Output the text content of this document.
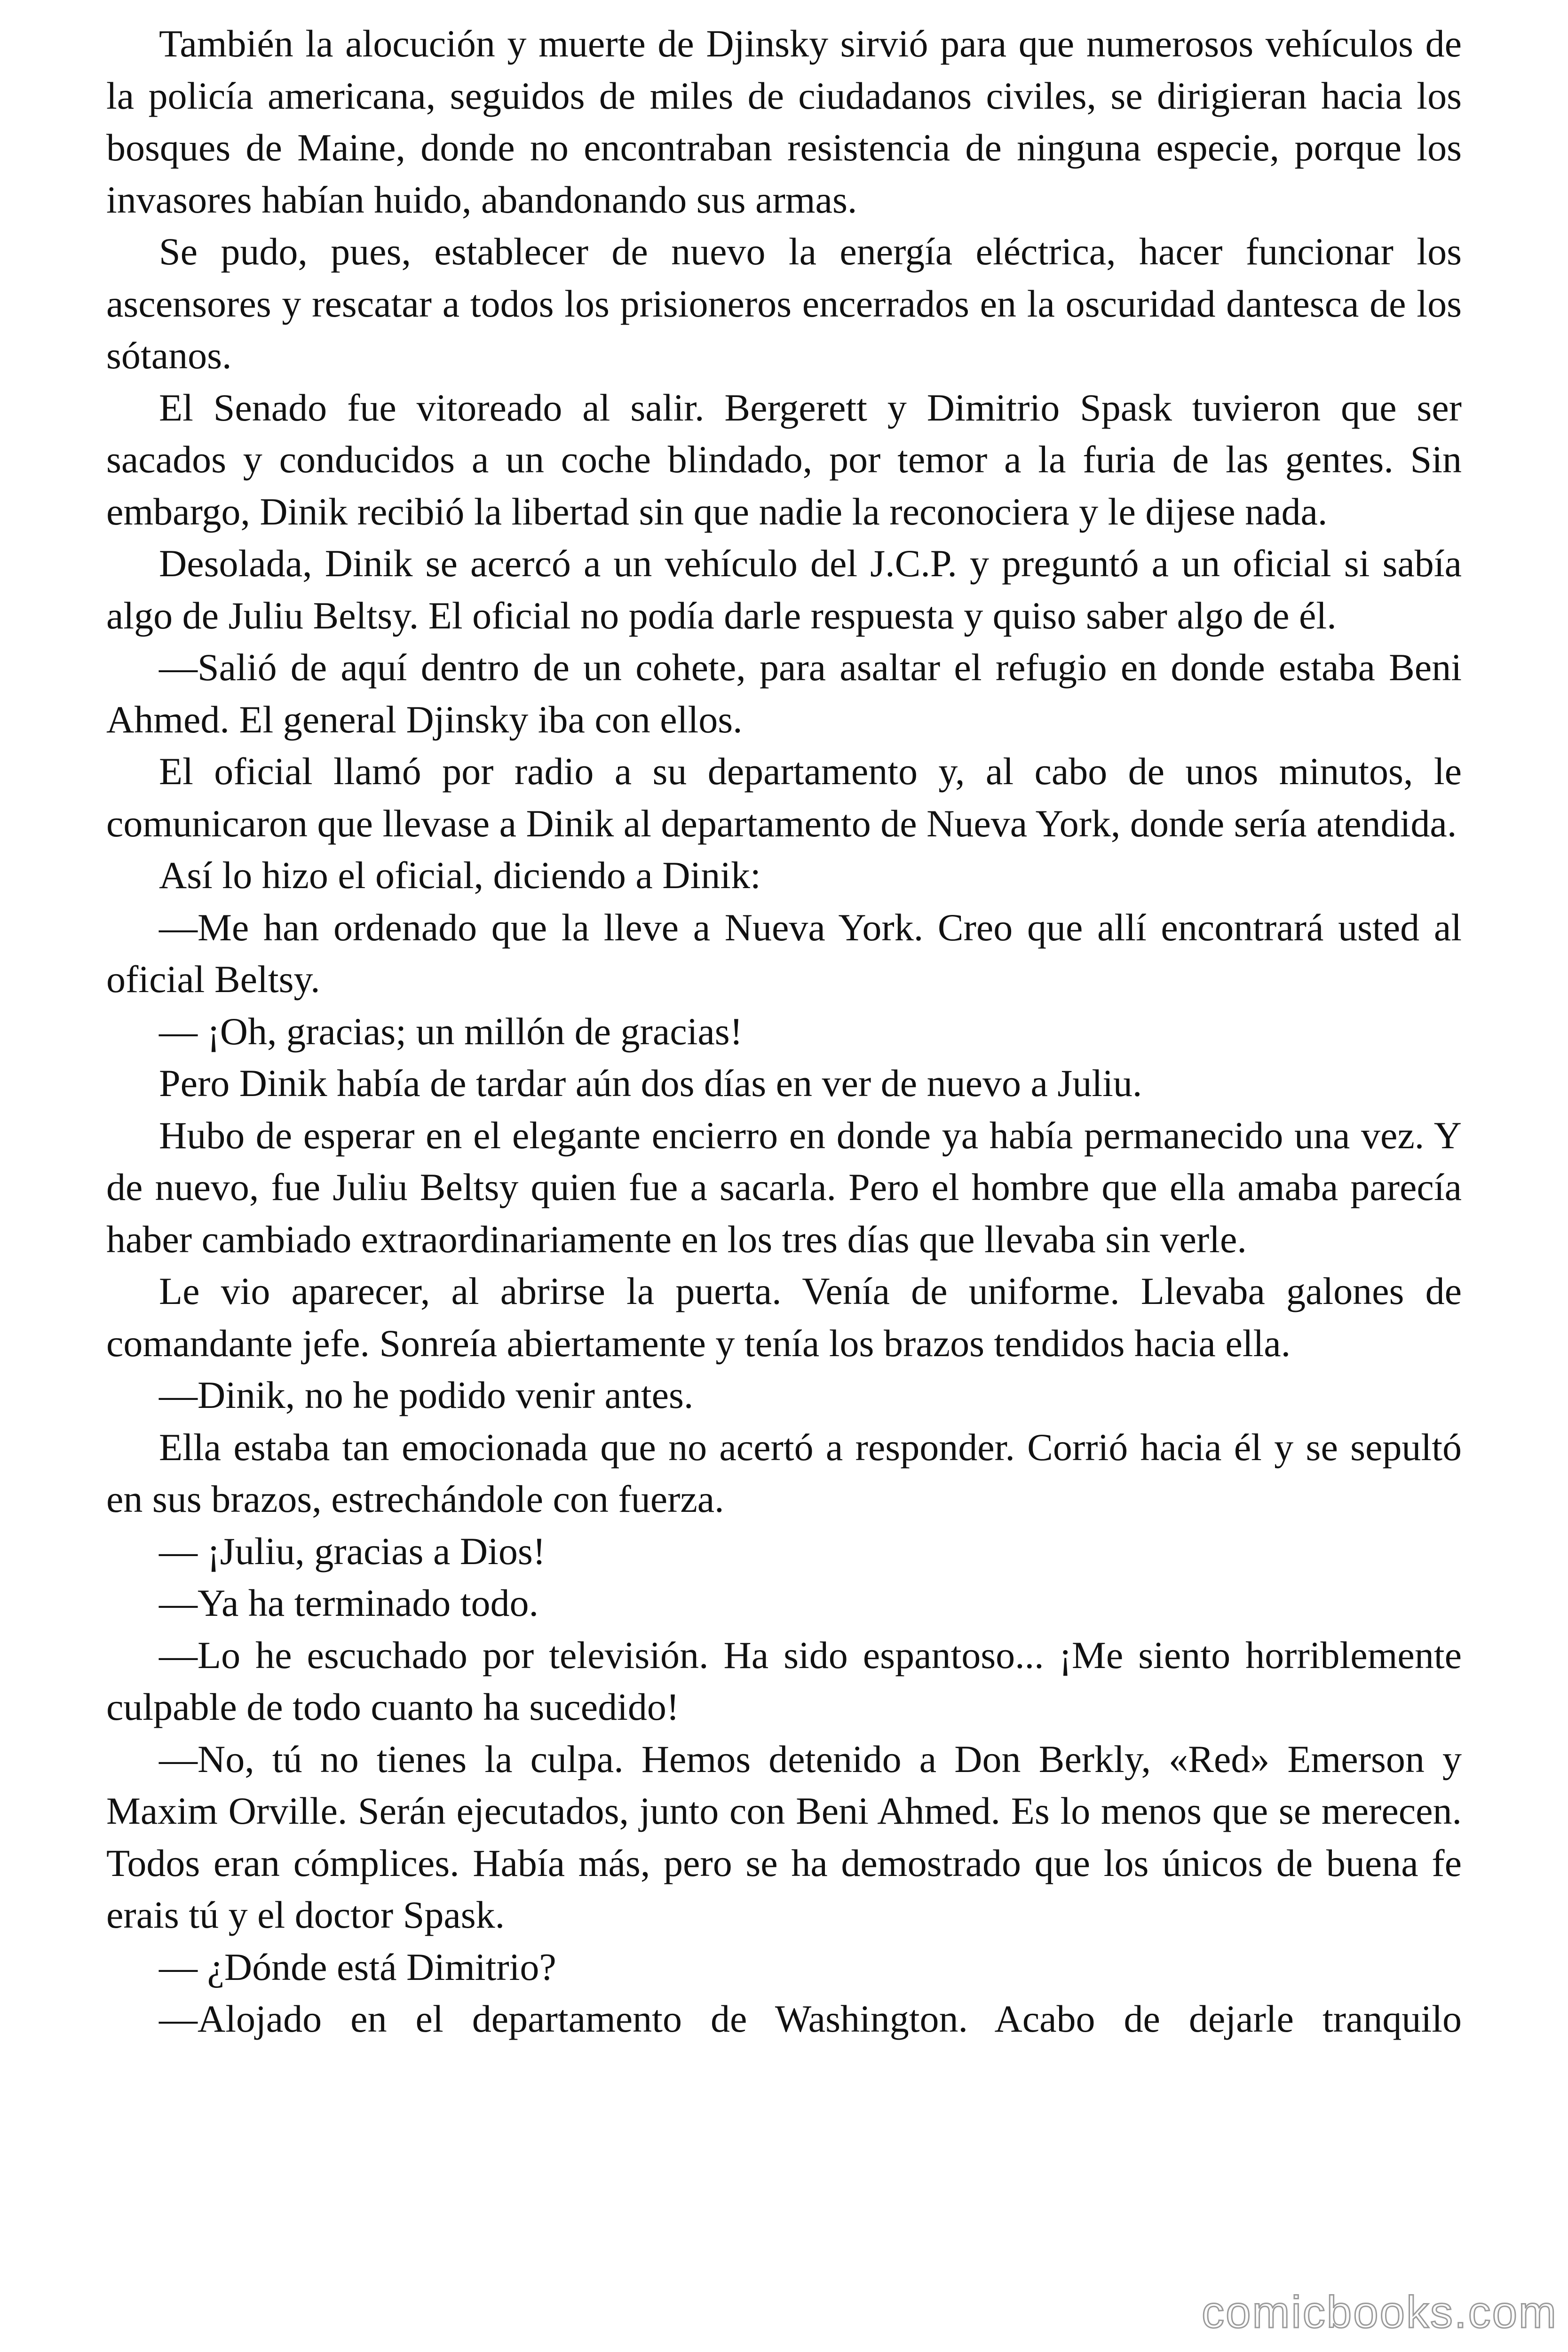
También la alocución y muerte de Djinsky sirvió para que numerosos vehículos de la policía americana, seguidos de miles de ciudadanos civiles, se dirigieran hacia los bosques de Maine, donde no encontraban resistencia de ninguna especie, porque los invasores habían huido, abandonando sus armas.

Se pudo, pues, establecer de nuevo la energía eléctrica, hacer funcionar los ascensores y rescatar a todos los prisioneros encerrados en la oscuridad dantesca de los sótanos.

El Senado fue vitoreado al salir. Bergerett y Dimitrio Spask tuvieron que ser sacados y conducidos a un coche blindado, por temor a la furia de las gentes. Sin embargo, Dinik recibió la libertad sin que nadie la reconociera y le dijese nada.

Desolada, Dinik se acercó a un vehículo del J.C.P. y preguntó a un oficial si sabía algo de Juliu Beltsy. El oficial no podía darle respuesta y quiso saber algo de él.

—Salió de aquí dentro de un cohete, para asaltar el refugio en donde estaba Beni Ahmed. El general Djinsky iba con ellos.

El oficial llamó por radio a su departamento y, al cabo de unos minutos, le comunicaron que llevase a Dinik al departamento de Nueva York, donde sería atendida.

Así lo hizo el oficial, diciendo a Dinik:

—Me han ordenado que la lleve a Nueva York. Creo que allí encontrará usted al oficial Beltsy.

— ¡Oh, gracias; un millón de gracias!

Pero Dinik había de tardar aún dos días en ver de nuevo a Juliu.

Hubo de esperar en el elegante encierro en donde ya había permanecido una vez. Y de nuevo, fue Juliu Beltsy quien fue a sacarla. Pero el hombre que ella amaba parecía haber cambiado extraordinariamente en los tres días que llevaba sin verle.

Le vio aparecer, al abrirse la puerta. Venía de uniforme. Llevaba galones de comandante jefe. Sonreía abiertamente y tenía los brazos tendidos hacia ella.

—Dinik, no he podido venir antes.

Ella estaba tan emocionada que no acertó a responder. Corrió hacia él y se sepultó en sus brazos, estrechándole con fuerza.

— ¡Juliu, gracias a Dios!

—Ya ha terminado todo.

—Lo he escuchado por televisión. Ha sido espantoso... ¡Me siento horriblemente culpable de todo cuanto ha sucedido!

—No, tú no tienes la culpa. Hemos detenido a Don Berkly, «Red» Emerson y Maxim Orville. Serán ejecutados, junto con Beni Ahmed. Es lo menos que se merecen. Todos eran cómplices. Había más, pero se ha demostrado que los únicos de buena fe erais tú y el doctor Spask.

— ¿Dónde está Dimitrio?

—Alojado en el departamento de Washington. Acabo de dejarle tranquilo

comicbooks.com
